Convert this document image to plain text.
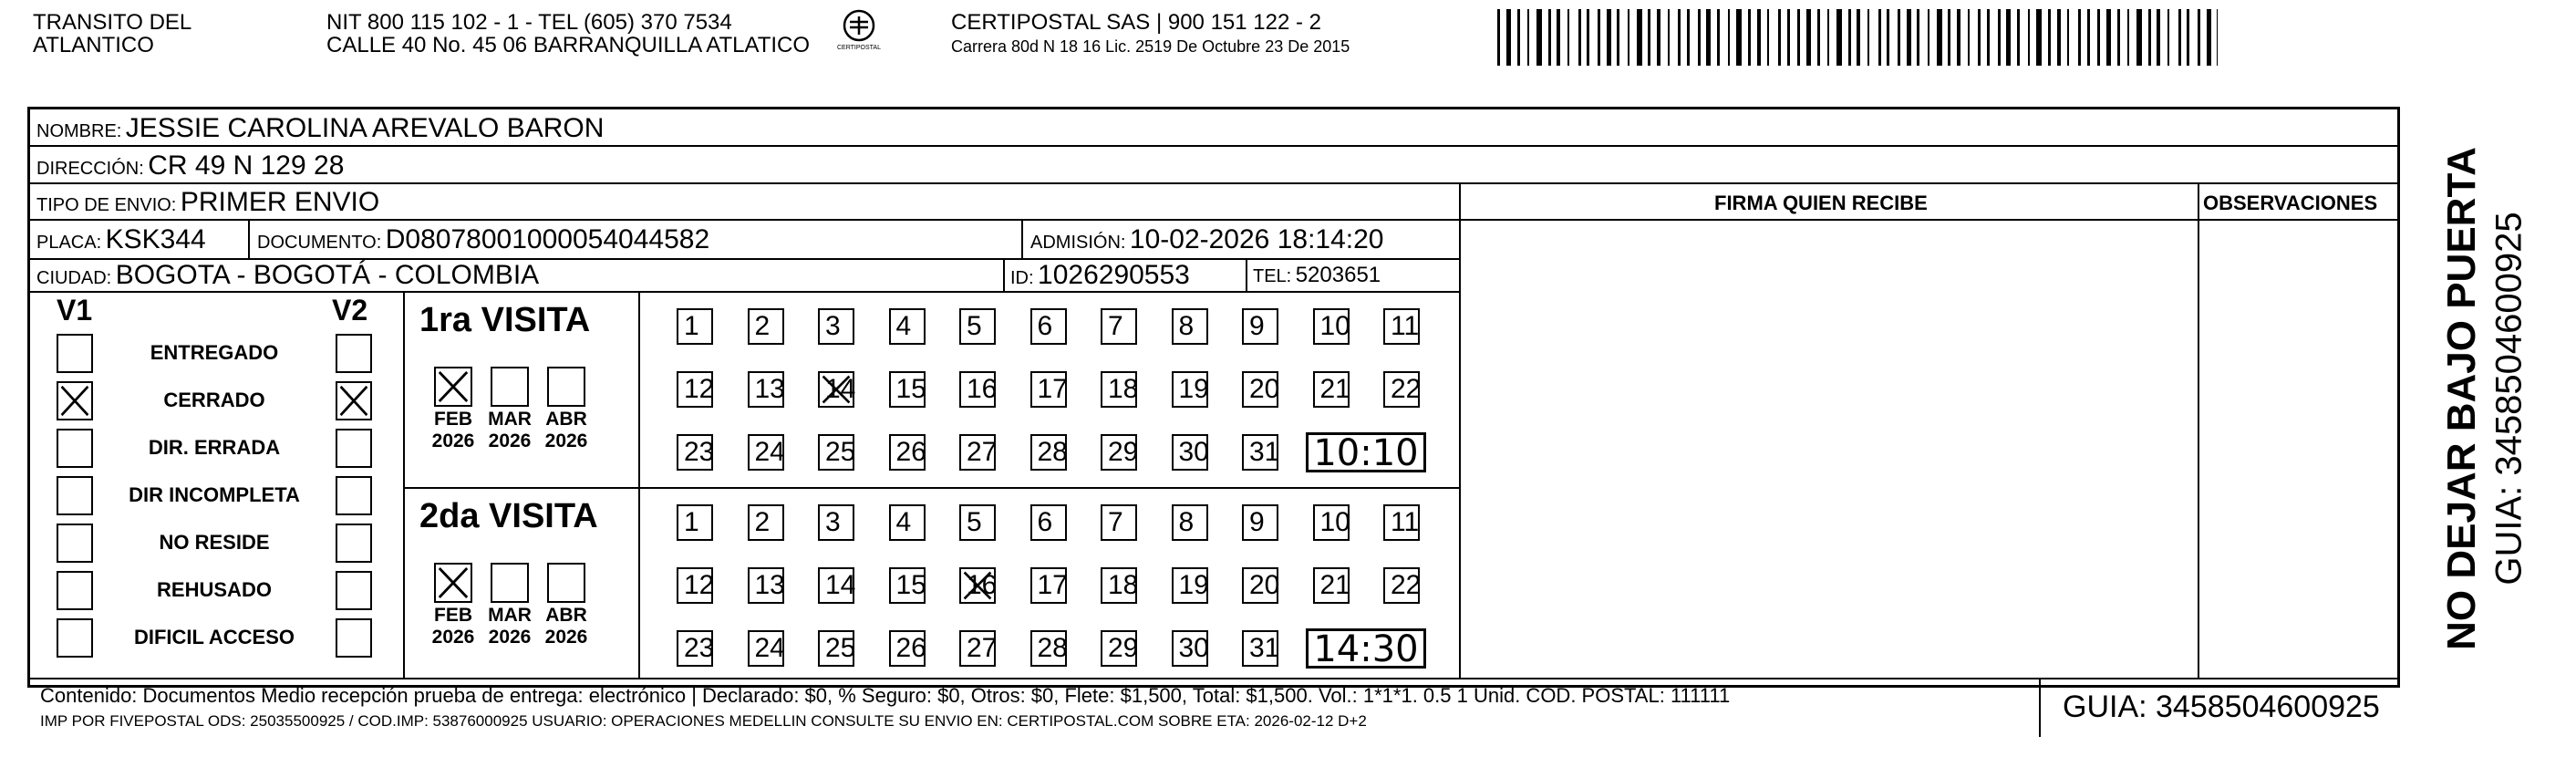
TRANSITO DEL
ATLANTICO
NIT 800 115 102 - 1 - TEL (605) 370 7534
CALLE 40 No. 45 06 BARRANQUILLA ATLATICO	CERTIPOSTAL
CERTIPOSTAL SAS | 900 151 122 - 2
Carrera 80d N 18 16 Lic. 2519 De Octubre 23 De 2015
NOMBRE: JESSIE CAROLINA AREVALO BARON
DIRECCIÓN: CR 49 N 129 28
TIPO DE ENVIO: PRIMER ENVIO	FIRMA QUIEN RECIBE	OBSERVACIONES
PLACA: KSK344	DOCUMENTO: D08078001000054044582	ADMISIÓN: 10-02-2026 18:14:20
CIUDAD: BOGOTA - BOGOTÁ - COLOMBIA	ID: 1026290553	TEL: 5203651
V1	V2
ENTREGADO
CERRADO
DIR. ERRADA
DIR INCOMPLETA
NO RESIDE
REHUSADO
DIFICIL ACCESO
1ra VISITA
FEB
2026
MAR
2026
ABR
2026
1	2	3	4	5	6	7	8	9	10 11
12 13 14 15 16 17 18 19 20 21 22
23 24 25 26 27 28 29 30 31 10:10
2da VISITA
FEB
2026
MAR
2026
ABR
2026
1	2	3	4	5	6	7	8	9	10 11
12 13 14 15 16 17 18 19 20 21 22
23 24 25 26 27 28 29 30 31 14:30
Contenido: Documentos Medio recepción prueba de entrega: electrónico | Declarado: $0, % Seguro: $0, Otros: $0, Flete: $1,500, Total: $1,500. Vol.: 1*1*1. 0.5 1 Unid. COD. POSTAL: 111111
IMP POR FIVEPOSTAL ODS: 25035500925 / COD.IMP: 53876000925 USUARIO: OPERACIONES MEDELLIN CONSULTE SU ENVIO EN: CERTIPOSTAL.COM SOBRE ETA: 2026-02-12 D+2	GUIA: 3458504600925
NO DEJAR BAJO PUERTA GUIA: 3458504600925
